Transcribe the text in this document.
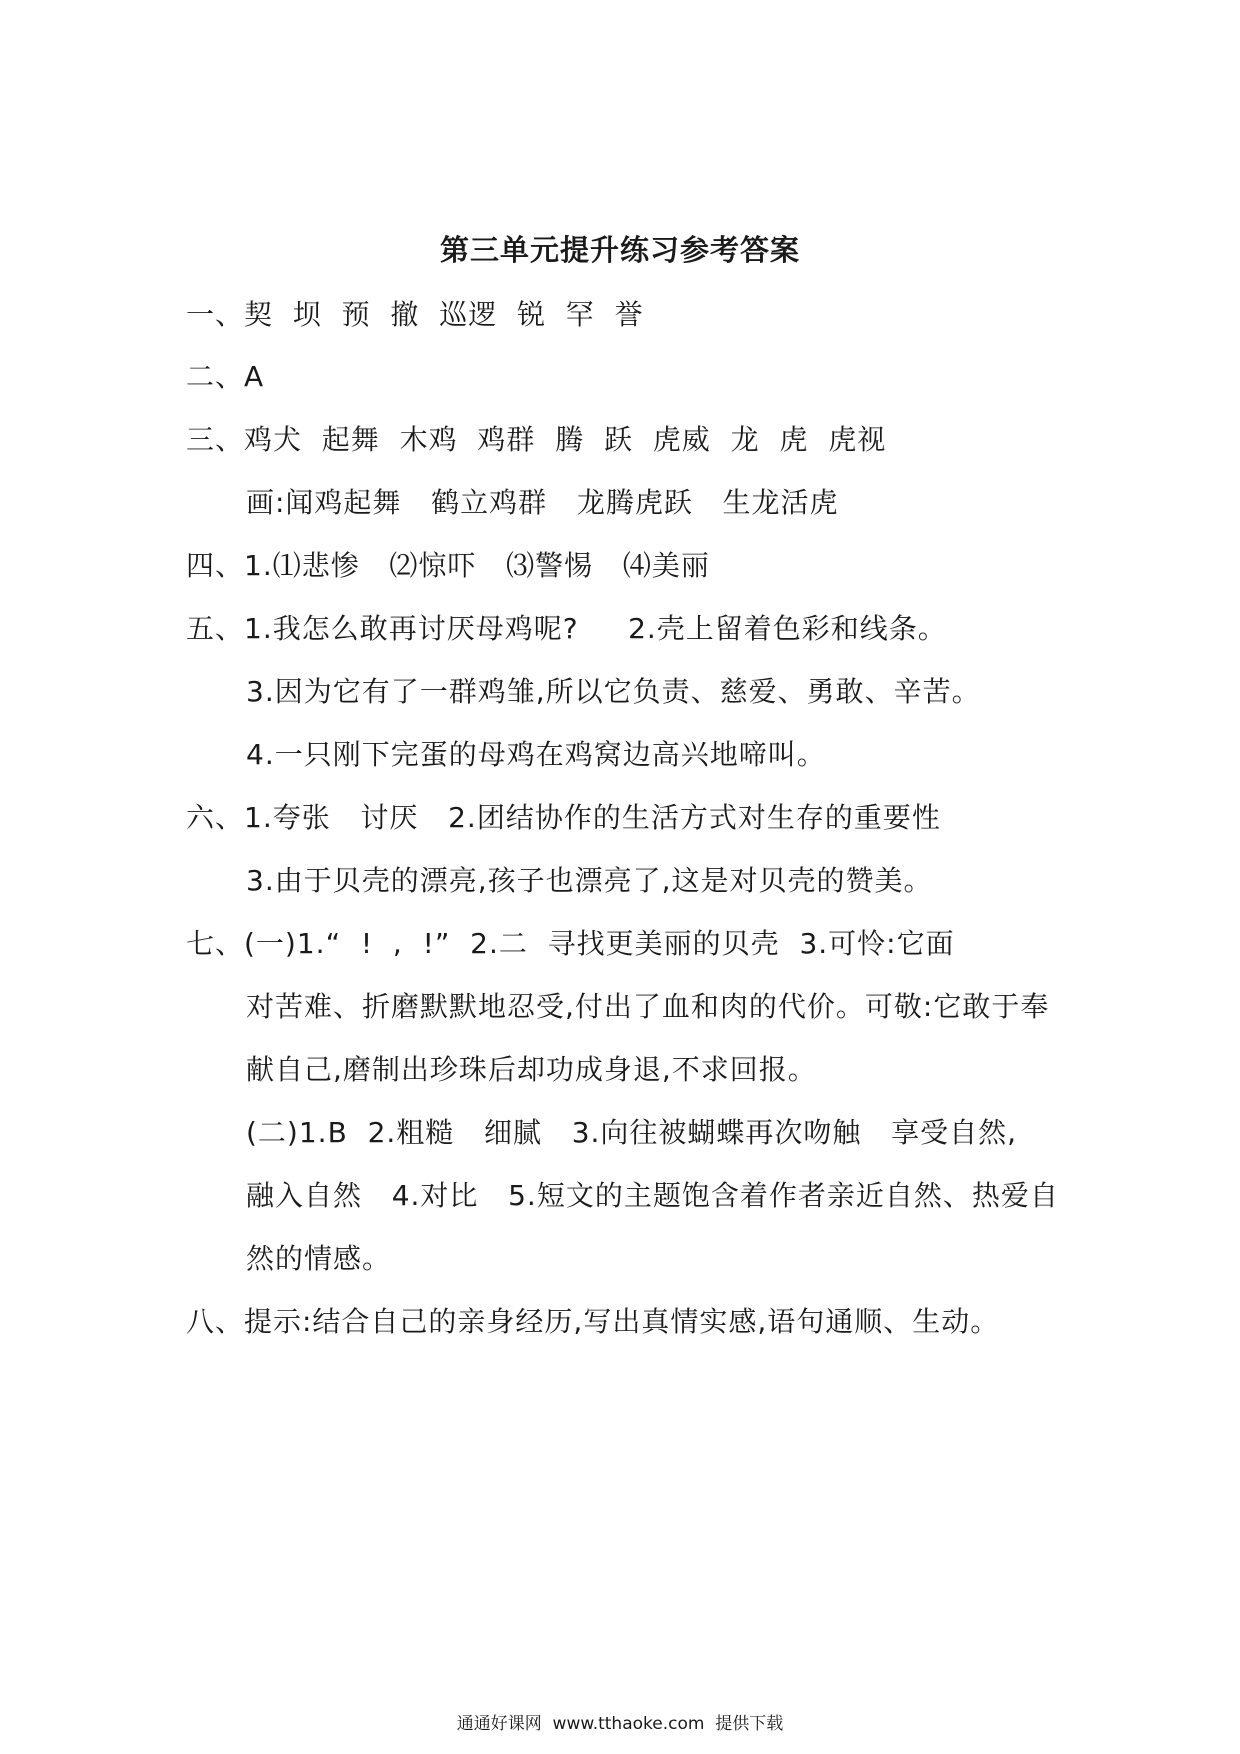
第三单元提升练习参考答案
一、契  坝  预  撤  巡逻  锐  罕  誉
二、A
三、鸡犬  起舞  木鸡  鸡群  腾  跃  虎威  龙  虎  虎视
画:闻鸡起舞   鹤立鸡群   龙腾虎跃   生龙活虎
四、1.⑴悲惨   ⑵惊吓   ⑶警惕   ⑷美丽
五、1.我怎么敢再讨厌母鸡呢?     2.壳上留着色彩和线条。
3.因为它有了一群鸡雏,所以它负责、慈爱、勇敢、辛苦。
4.一只刚下完蛋的母鸡在鸡窝边高兴地啼叫。
六、1.夸张   讨厌   2.团结协作的生活方式对生存的重要性
3.由于贝壳的漂亮,孩子也漂亮了,这是对贝壳的赞美。
七、(一)1.“  !  ,  !”  2.二  寻找更美丽的贝壳  3.可怜:它面
对苦难、折磨默默地忍受,付出了血和肉的代价。可敬:它敢于奉
献自己,磨制出珍珠后却功成身退,不求回报。
(二)1.B  2.粗糙   细腻   3.向往被蝴蝶再次吻触   享受自然,
融入自然   4.对比   5.短文的主题饱含着作者亲近自然、热爱自
然的情感。
八、提示:结合自己的亲身经历,写出真情实感,语句通顺、生动。
通通好课网  www.tthaoke.com  提供下载
